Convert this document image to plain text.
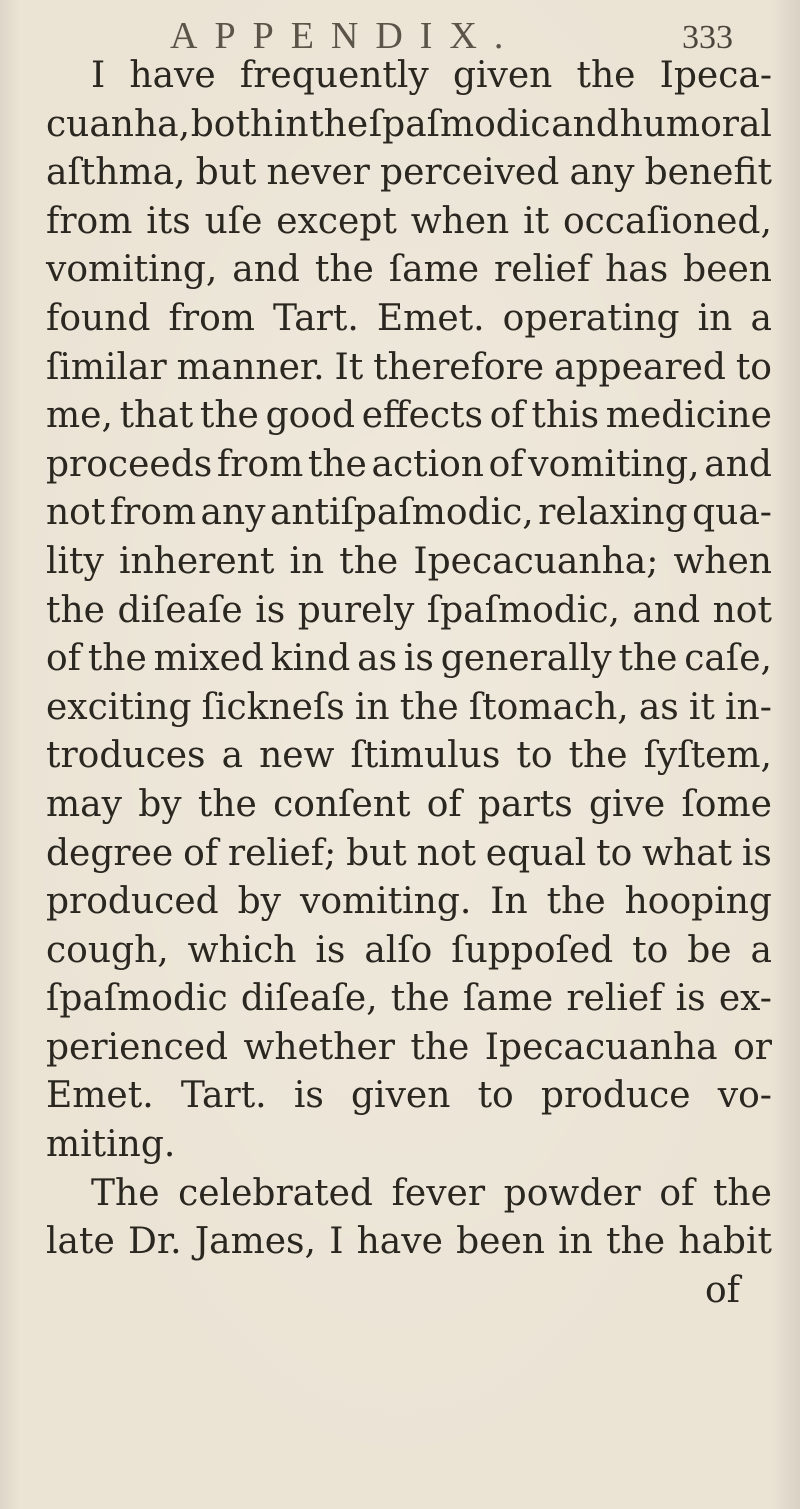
APPENDIX.	333
I have frequently given the Ipeca-
cuanha, both in the ſpaſmodic and humoral
aſthma, but never perceived any benefit
from its uſe except when it occaſioned,
vomiting, and the ſame relief has been
found from Tart. Emet. operating in a
ſimilar manner. It therefore appeared to
me, that the good effects of this medicine
proceeds from the action of vomiting, and
not from any antiſpaſmodic, relaxing qua-
lity inherent in the Ipecacuanha; when
the diſeaſe is purely ſpaſmodic, and not
of the mixed kind as is generally the caſe,
exciting ſickneſs in the ſtomach, as it in-
troduces a new ſtimulus to the ſyſtem,
may by the conſent of parts give ſome
degree of relief; but not equal to what is
produced by vomiting. In the hooping
cough, which is alſo ſuppoſed to be a
ſpaſmodic diſeaſe, the ſame relief is ex-
perienced whether the Ipecacuanha or
Emet. Tart. is given to produce vo-
miting.
The celebrated fever powder of the
late Dr. James, I have been in the habit
of
